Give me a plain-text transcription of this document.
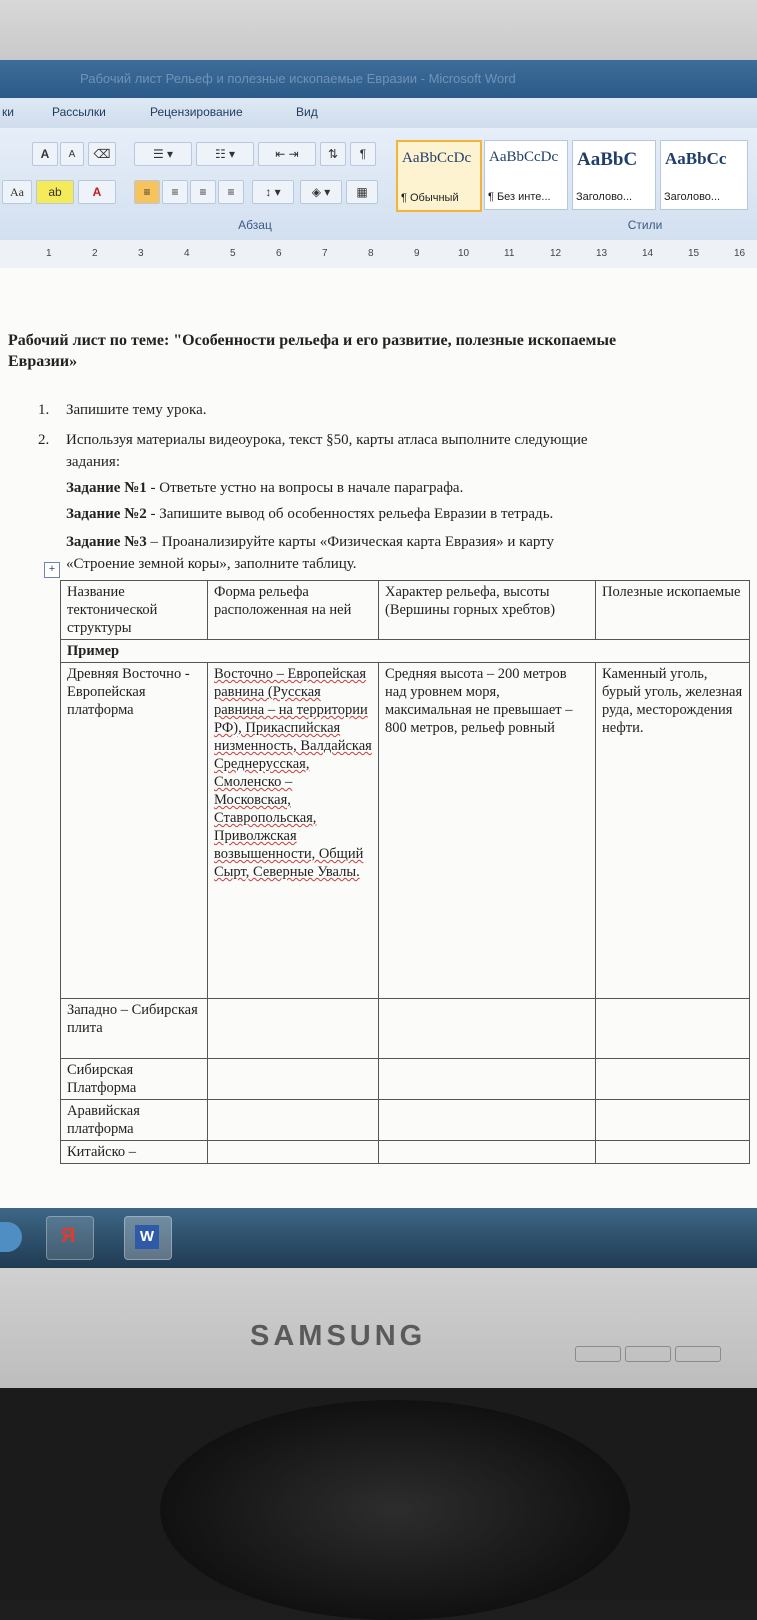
Рабочий лист Рельеф и полезные ископаемые Евразии - Microsoft Word
ки	Рассылки	Рецензирование	Вид
A	A	⌫
Aa	ab	A
☰ ▾	☷ ▾	⇤ ⇥	⇅	¶
≡	≡	≡	≡	↕ ▾	◈ ▾	▦
Абзац
AaBbCcDc
¶ Обычный
AaBbCcDc
¶ Без инте...
AaBbC
Заголово...
AaBbCc
Заголово...
Стили
1	2	3	4	5	6	7	8	9	10	11	12	13	14	15	16
Рабочий лист по теме: "Особенности рельефа и его развитие, полезные ископаемые
Евразии»
1. Запишите тему урока.
2. Используя материалы видеоурока, текст §50, карты атласа выполните следующие
задания:
Задание №1 - Ответьте устно на вопросы в начале параграфа.
Задание №2 - Запишите вывод об особенностях рельефа Евразии в тетрадь.
Задание №3 – Проанализируйте карты «Физическая карта Евразия» и карту
«Строение земной коры», заполните таблицу.
+
Название тектонической структуры	Форма рельефа расположенная на ней	Характер рельефа, высоты (Вершины горных хребтов)	Полезные ископаемые
Пример			
Древняя Восточно - Европейская платформа	Восточно – Европейская равнина (Русская равнина – на территории РФ), Прикаспийская низменность, Валдайская Среднерусская, Смоленско – Московская, Ставропольская, Приволжская возвышенности, Общий Сырт, Северные Увалы.	Средняя высота – 200 метров над уровнем моря, максимальная не превышает – 800 метров, рельеф ровный	Каменный уголь, бурый уголь, железная руда, месторождения нефти.
Западно – Сибирская плита			
Сибирская Платформа			
Аравийская платформа			
Китайско –			
Я	W
SAMSUNG
